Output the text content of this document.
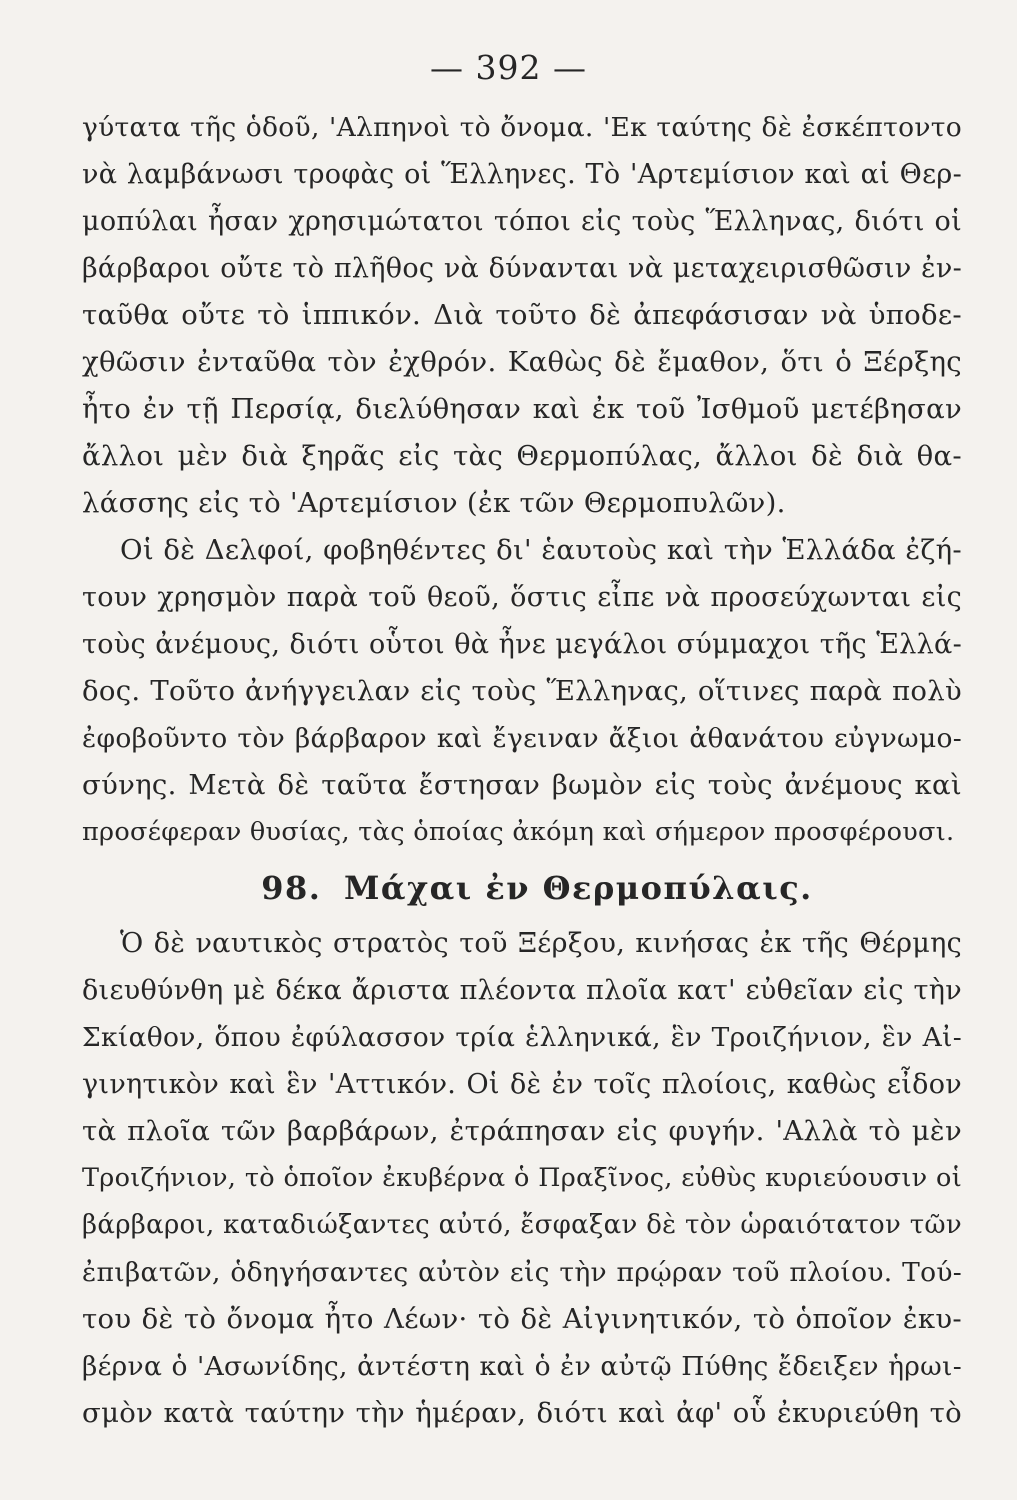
— 392 —
γύτατα τῆς ὁδοῦ, 'Αλπηνοὶ τὸ ὄνομα. 'Εκ ταύτης δὲ ἐσκέπτοντο
νὰ λαμβάνωσι τροφὰς οἱ Ἕλληνες. Τὸ 'Αρτεμίσιον καὶ αἱ Θερ-
μοπύλαι ἦσαν χρησιμώτατοι τόποι εἰς τοὺς Ἕλληνας, διότι οἱ
βάρβαροι οὔτε τὸ πλῆθος νὰ δύνανται νὰ μεταχειρισθῶσιν ἐν-
ταῦθα οὔτε τὸ ἱππικόν. Διὰ τοῦτο δὲ ἀπεφάσισαν νὰ ὑποδε-
χθῶσιν ἐνταῦθα τὸν ἐχθρόν. Καθὼς δὲ ἔμαθον, ὅτι ὁ Ξέρξης
ἦτο ἐν τῇ Περσίᾳ, διελύθησαν καὶ ἐκ τοῦ Ἰσθμοῦ μετέβησαν
ἄλλοι μὲν διὰ ξηρᾶς εἰς τὰς Θερμοπύλας, ἄλλοι δὲ διὰ θα-
λάσσης εἰς τὸ 'Αρτεμίσιον (ἐκ τῶν Θερμοπυλῶν).
Οἱ δὲ Δελφοί, φοβηθέντες δι' ἑαυτοὺς καὶ τὴν Ἑλλάδα ἐζή-
τουν χρησμὸν παρὰ τοῦ θεοῦ, ὅστις εἶπε νὰ προσεύχωνται εἰς
τοὺς ἀνέμους, διότι οὗτοι θὰ ἦνε μεγάλοι σύμμαχοι τῆς Ἑλλά-
δος. Τοῦτο ἀνήγγειλαν εἰς τοὺς Ἕλληνας, οἵτινες παρὰ πολὺ
ἐφοβοῦντο τὸν βάρβαρον καὶ ἔγειναν ἄξιοι ἀθανάτου εὐγνωμο-
σύνης. Μετὰ δὲ ταῦτα ἔστησαν βωμὸν εἰς τοὺς ἀνέμους καὶ
προσέφεραν θυσίας, τὰς ὁποίας ἀκόμη καὶ σήμερον προσφέρουσι.
98. Μάχαι ἐν Θερμοπύλαις.
Ὁ δὲ ναυτικὸς στρατὸς τοῦ Ξέρξου, κινήσας ἐκ τῆς Θέρμης
διευθύνθη μὲ δέκα ἄριστα πλέοντα πλοῖα κατ' εὐθεῖαν εἰς τὴν
Σκίαθον, ὅπου ἐφύλασσον τρία ἑλληνικά, ἓν Τροιζήνιον, ἓν Αἰ-
γινητικὸν καὶ ἓν 'Αττικόν. Οἱ δὲ ἐν τοῖς πλοίοις, καθὼς εἶδον
τὰ πλοῖα τῶν βαρβάρων, ἐτράπησαν εἰς φυγήν. 'Αλλὰ τὸ μὲν
Τροιζήνιον, τὸ ὁποῖον ἐκυβέρνα ὁ Πραξῖνος, εὐθὺς κυριεύουσιν οἱ
βάρβαροι, καταδιώξαντες αὐτό, ἔσφαξαν δὲ τὸν ὡραιότατον τῶν
ἐπιβατῶν, ὁδηγήσαντες αὐτὸν εἰς τὴν πρῴραν τοῦ πλοίου. Τού-
του δὲ τὸ ὄνομα ἦτο Λέων· τὸ δὲ Αἰγινητικόν, τὸ ὁποῖον ἐκυ-
βέρνα ὁ 'Ασωνίδης, ἀντέστη καὶ ὁ ἐν αὐτῷ Πύθης ἔδειξεν ἡρωι-
σμὸν κατὰ ταύτην τὴν ἡμέραν, διότι καὶ ἀφ' οὗ ἐκυριεύθη τὸ
